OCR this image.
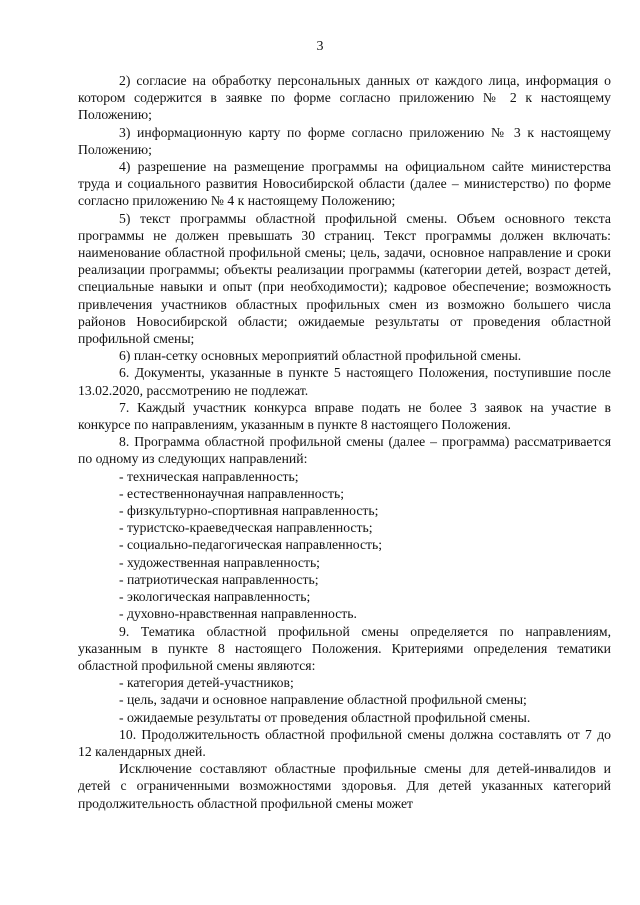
3

2) согласие на обработку персональных данных от каждого лица, информация о котором содержится в заявке по форме согласно приложению № 2 к настоящему Положению;

3) информационную карту по форме согласно приложению № 3 к настоящему Положению;

4) разрешение на размещение программы на официальном сайте министерства труда и социального развития Новосибирской области (далее – министерство) по форме согласно приложению № 4 к настоящему Положению;

5) текст программы областной профильной смены. Объем основного текста программы не должен превышать 30 страниц. Текст программы должен включать: наименование областной профильной смены; цель, задачи, основное направление и сроки реализации программы; объекты реализации программы (категории детей, возраст детей, специальные навыки и опыт (при необходимости); кадровое обеспечение; возможность привлечения участников областных профильных смен из возможно большего числа районов Новосибирской области; ожидаемые результаты от проведения областной профильной смены;

6) план-сетку основных мероприятий областной профильной смены.

6. Документы, указанные в пункте 5 настоящего Положения, поступившие после 13.02.2020, рассмотрению не подлежат.

7. Каждый участник конкурса вправе подать не более 3 заявок на участие в конкурсе по направлениям, указанным в пункте 8 настоящего Положения.

8. Программа областной профильной смены (далее – программа) рассматривается по одному из следующих направлений:

- техническая направленность;

- естественнонаучная направленность;

- физкультурно-спортивная направленность;

- туристско-краеведческая направленность;

- социально-педагогическая направленность;

- художественная направленность;

- патриотическая направленность;

- экологическая направленность;

- духовно-нравственная направленность.

9. Тематика областной профильной смены определяется по направлениям, указанным в пункте 8 настоящего Положения. Критериями определения тематики областной профильной смены являются:

- категория детей-участников;

- цель, задачи и основное направление областной профильной смены;

- ожидаемые результаты от проведения областной профильной смены.

10. Продолжительность областной профильной смены должна составлять от 7 до 12 календарных дней.

Исключение составляют областные профильные смены для детей-инвалидов и детей с ограниченными возможностями здоровья. Для детей указанных категорий продолжительность областной профильной смены может
